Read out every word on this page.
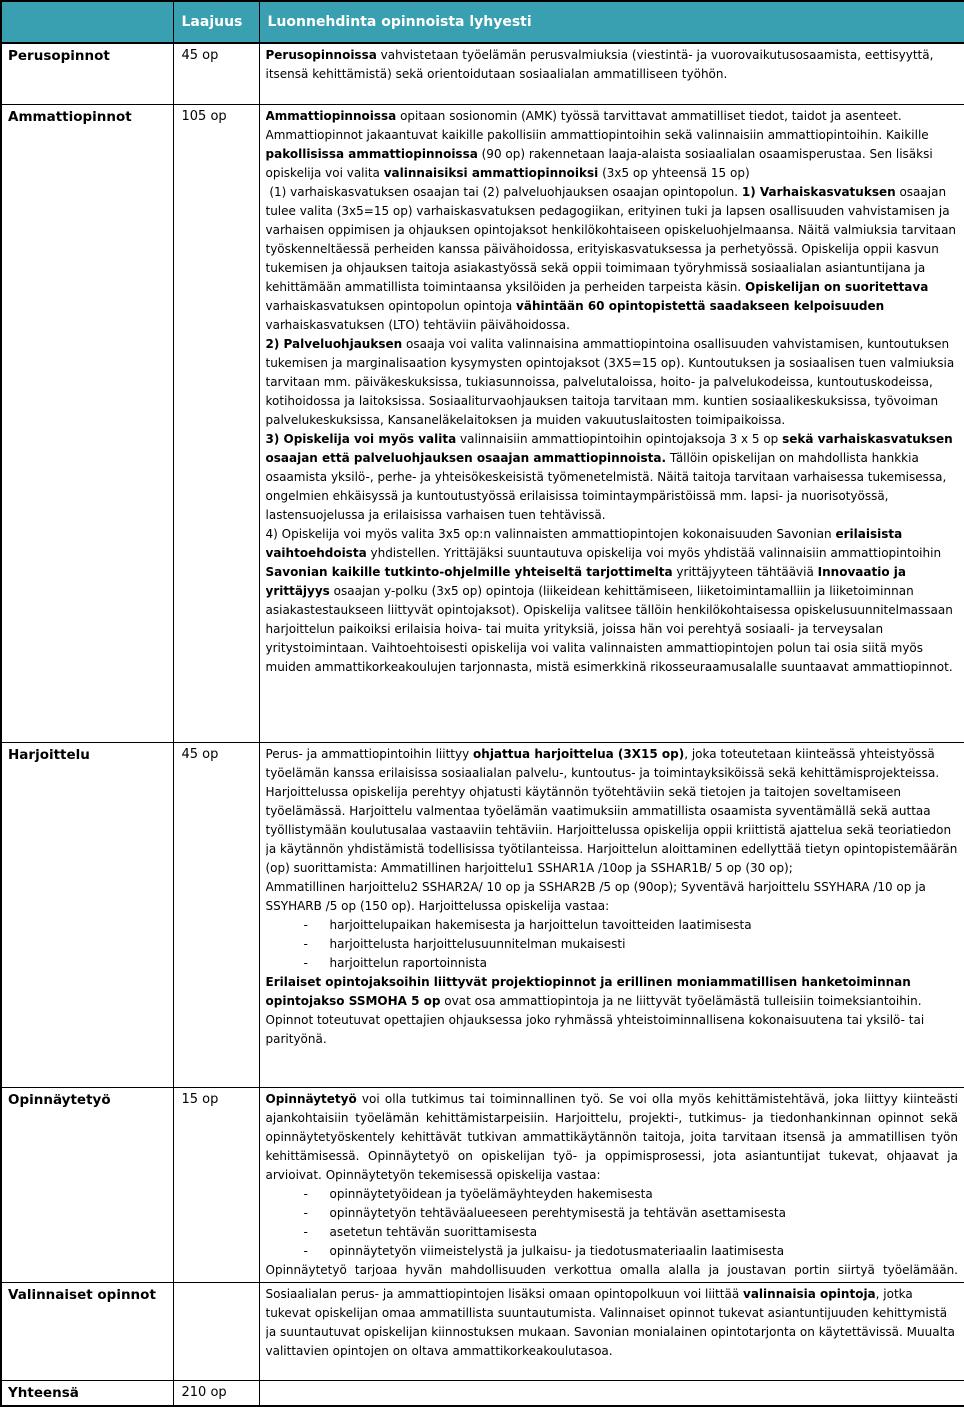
	Laajuus	Luonnehdinta opinnoista lyhyesti
Perusopinnot	45 op	Perusopinnoissa vahvistetaan työelämän perusvalmiuksia (viestintä- ja vuorovaikutusosaamista, eettisyyttä, itsensä kehittämistä) sekä orientoidutaan sosiaalialan ammatilliseen työhön.

Ammattiopinnot	105 op	Ammattiopinnoissa opitaan sosionomin (AMK) työssä tarvittavat ammatilliset tiedot, taidot ja asenteet. Ammattiopinnot jakaantuvat kaikille pakollisiin ammattiopintoihin sekä valinnaisiin ammattiopintoihin. Kaikille pakollisissa ammattiopinnoissa (90 op) rakennetaan laaja-alaista sosiaalialan osaamisperustaa. Sen lisäksi opiskelija voi valita valinnaisiksi ammattiopinnoiksi (3x5 op yhteensä 15 op)

(1) varhaiskasvatuksen osaajan tai (2) palveluohjauksen osaajan opintopolun. 1) Varhaiskasvatuksen osaajan tulee valita (3x5=15 op) varhaiskasvatuksen pedagogiikan, erityinen tuki ja lapsen osallisuuden vahvistamisen ja varhaisen oppimisen ja ohjauksen opintojaksot henkilökohtaiseen opiskeluohjelmaansa. Näitä valmiuksia tarvitaan työskenneltäessä perheiden kanssa päivähoidossa, erityiskasvatuksessa ja perhetyössä. Opiskelija oppii kasvun tukemisen ja ohjauksen taitoja asiakastyössä sekä oppii toimimaan työryhmissä sosiaalialan asiantuntijana ja kehittämään ammatillista toimintaansa yksilöiden ja perheiden tarpeista käsin. Opiskelijan on suoritettava varhaiskasvatuksen opintopolun opintoja vähintään 60 opintopistettä saadakseen kelpoisuuden varhaiskasvatuksen (LTO) tehtäviin päivähoidossa.

2) Palveluohjauksen osaaja voi valita valinnaisina ammattiopintoina osallisuuden vahvistamisen, kuntoutuksen tukemisen ja marginalisaation kysymysten opintojaksot (3X5=15 op). Kuntoutuksen ja sosiaalisen tuen valmiuksia tarvitaan mm. päiväkeskuksissa, tukiasunnoissa, palvelutaloissa, hoito- ja palvelukodeissa, kuntoutuskodeissa, kotihoidossa ja laitoksissa. Sosiaaliturvaohjauksen taitoja tarvitaan mm. kuntien sosiaalikeskuksissa, työvoiman palvelukeskuksissa, Kansaneläkelaitoksen ja muiden vakuutuslaitosten toimipaikoissa.

3) Opiskelija voi myös valita valinnaisiin ammattiopintoihin opintojaksoja 3 x 5 op sekä varhaiskasvatuksen osaajan että palveluohjauksen osaajan ammattiopinnoista. Tällöin opiskelijan on mahdollista hankkia osaamista yksilö-, perhe- ja yhteisökeskeisistä työmenetelmistä. Näitä taitoja tarvitaan varhaisessa tukemisessa, ongelmien ehkäisyssä ja kuntoutustyössä erilaisissa toimintaympäristöissä mm. lapsi- ja nuorisotyössä, lastensuojelussa ja erilaisissa varhaisen tuen tehtävissä.

4) Opiskelija voi myös valita 3x5 op:n valinnaisten ammattiopintojen kokonaisuuden Savonian erilaisista vaihtoehdoista yhdistellen. Yrittäjäksi suuntautuva opiskelija voi myös yhdistää valinnaisiin ammattiopintoihin Savonian kaikille tutkinto-ohjelmille yhteiseltä tarjottimelta yrittäjyyteen tähtääviä Innovaatio ja yrittäjyys osaajan y-polku (3x5 op) opintoja (liikeidean kehittämiseen, liiketoimintamalliin ja liiketoiminnan asiakastestaukseen liittyvät opintojaksot). Opiskelija valitsee tällöin henkilökohtaisessa opiskelusuunnitelmassaan harjoittelun paikoiksi erilaisia hoiva- tai muita yrityksiä, joissa hän voi perehtyä sosiaali- ja terveysalan yritystoimintaan. Vaihtoehtoisesti opiskelija voi valita valinnaisten ammattiopintojen polun tai osia siitä myös muiden ammattikorkeakoulujen tarjonnasta, mistä esimerkkinä rikosseuraamusalalle suuntaavat ammattiopinnot.

Harjoittelu	45 op	Perus- ja ammattiopintoihin liittyy ohjattua harjoittelua (3X15 op), joka toteutetaan kiinteässä yhteistyössä työelämän kanssa erilaisissa sosiaalialan palvelu-, kuntoutus- ja toimintayksiköissä sekä kehittämisprojekteissa. Harjoittelussa opiskelija perehtyy ohjatusti käytännön työtehtäviin sekä tietojen ja taitojen soveltamiseen työelämässä. Harjoittelu valmentaa työelämän vaatimuksiin ammatillista osaamista syventämällä sekä auttaa työllistymään koulutusalaa vastaaviin tehtäviin. Harjoittelussa opiskelija oppii kriittistä ajattelua sekä teoriatiedon ja käytännön yhdistämistä todellisissa työtilanteissa. Harjoittelun aloittaminen edellyttää tietyn opintopistemäärän (op) suorittamista: Ammatillinen harjoittelu1 SSHAR1A /10op ja SSHAR1B/ 5 op (30 op);

Ammatillinen harjoittelu2 SSHAR2A/ 10 op ja SSHAR2B /5 op (90op); Syventävä harjoittelu SSYHARA /10 op ja SSYHARB /5 op (150 op). Harjoittelussa opiskelija vastaa:

- harjoittelupaikan hakemisesta ja harjoittelun tavoitteiden laatimisesta
- harjoittelusta harjoittelusuunnitelman mukaisesti
- harjoittelun raportoinnista

Erilaiset opintojaksoihin liittyvät projektiopinnot ja erillinen moniammatillisen hanketoiminnan opintojakso SSMOHA 5 op ovat osa ammattiopintoja ja ne liittyvät työelämästä tulleisiin toimeksiantoihin. Opinnot toteutuvat opettajien ohjauksessa joko ryhmässä yhteistoiminnallisena kokonaisuutena tai yksilö- tai parityönä.

Opinnäytetyö	15 op	Opinnäytetyö voi olla tutkimus tai toiminnallinen työ. Se voi olla myös kehittämistehtävä, joka liittyy kiinteästi ajankohtaisiin työelämän kehittämistarpeisiin. Harjoittelu, projekti-, tutkimus- ja tiedonhankinnan opinnot sekä opinnäytetyöskentely kehittävät tutkivan ammattikäytännön taitoja, joita tarvitaan itsensä ja ammatillisen työn kehittämisessä. Opinnäytetyö on opiskelijan työ- ja oppimisprosessi, jota asiantuntijat tukevat, ohjaavat ja arvioivat. Opinnäytetyön tekemisessä opiskelija vastaa:

- opinnäytetyöidean ja työelämäyhteyden hakemisesta
- opinnäytetyön tehtäväalueeseen perehtymisestä ja tehtävän asettamisesta
- asetetun tehtävän suorittamisesta
- opinnäytetyön viimeistelystä ja julkaisu- ja tiedotusmateriaalin laatimisesta

Opinnäytetyö tarjoaa hyvän mahdollisuuden verkottua omalla alalla ja joustavan portin siirtyä työelämään.

Valinnaiset opinnot		Sosiaalialan perus- ja ammattiopintojen lisäksi omaan opintopolkuun voi liittää valinnaisia opintoja, jotka tukevat opiskelijan omaa ammatillista suuntautumista. Valinnaiset opinnot tukevat asiantuntijuuden kehittymistä ja suuntautuvat opiskelijan kiinnostuksen mukaan. Savonian monialainen opintotarjonta on käytettävissä. Muualta valittavien opintojen on oltava ammattikorkeakoulutasoa.

Yhteensä	210 op	
